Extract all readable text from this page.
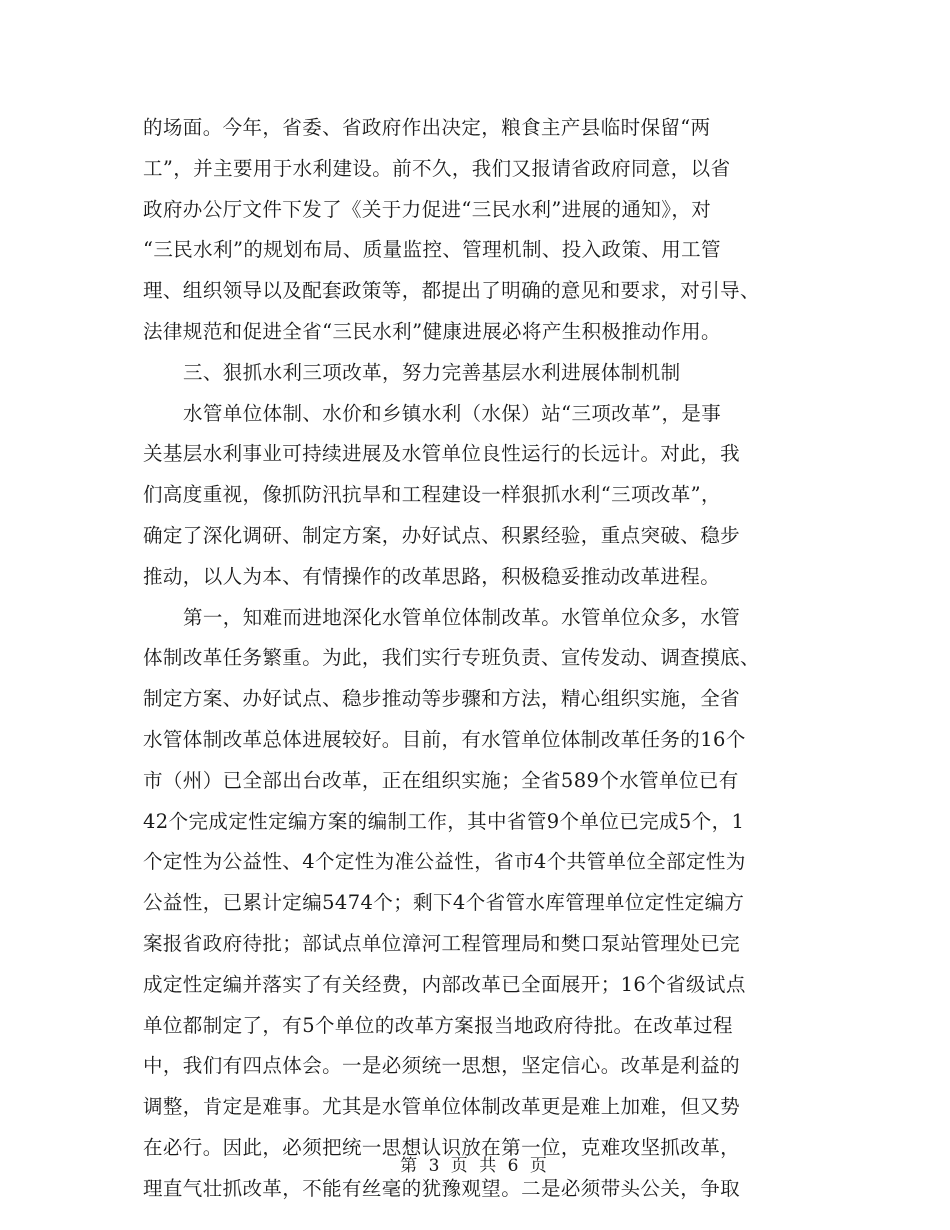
的场面。今年，省委、省政府作出决定，粮食主产县临时保留“两
工”，并主要用于水利建设。前不久，我们又报请省政府同意，以省
政府办公厅文件下发了《关于力促进“三民水利”进展的通知》，对
“三民水利”的规划布局、质量监控、管理机制、投入政策、用工管
理、组织领导以及配套政策等，都提出了明确的意见和要求，对引导、
法律规范和促进全省“三民水利”健康进展必将产生积极推动作用。
三、狠抓水利三项改革，努力完善基层水利进展体制机制
水管单位体制、水价和乡镇水利（水保）站“三项改革”，是事
关基层水利事业可持续进展及水管单位良性运行的长远计。对此，我
们高度重视，像抓防汛抗旱和工程建设一样狠抓水利“三项改革”，
确定了深化调研、制定方案，办好试点、积累经验，重点突破、稳步
推动，以人为本、有情操作的改革思路，积极稳妥推动改革进程。
第一，知难而进地深化水管单位体制改革。水管单位众多，水管
体制改革任务繁重。为此，我们实行专班负责、宣传发动、调查摸底、
制定方案、办好试点、稳步推动等步骤和方法，精心组织实施，全省
水管体制改革总体进展较好。目前，有水管单位体制改革任务的16个
市（州）已全部出台改革，正在组织实施；全省589个水管单位已有
42个完成定性定编方案的编制工作，其中省管9个单位已完成5个，1
个定性为公益性、4个定性为准公益性，省市4个共管单位全部定性为
公益性，已累计定编5474个；剩下4个省管水库管理单位定性定编方
案报省政府待批；部试点单位漳河工程管理局和樊口泵站管理处已完
成定性定编并落实了有关经费，内部改革已全面展开；16个省级试点
单位都制定了，有5个单位的改革方案报当地政府待批。在改革过程
中，我们有四点体会。一是必须统一思想，坚定信心。改革是利益的
调整，肯定是难事。尤其是水管单位体制改革更是难上加难，但又势
在必行。因此，必须把统一思想认识放在第一位，克难攻坚抓改革，
理直气壮抓改革，不能有丝毫的犹豫观望。二是必须带头公关，争取
第 3 页 共 6 页
